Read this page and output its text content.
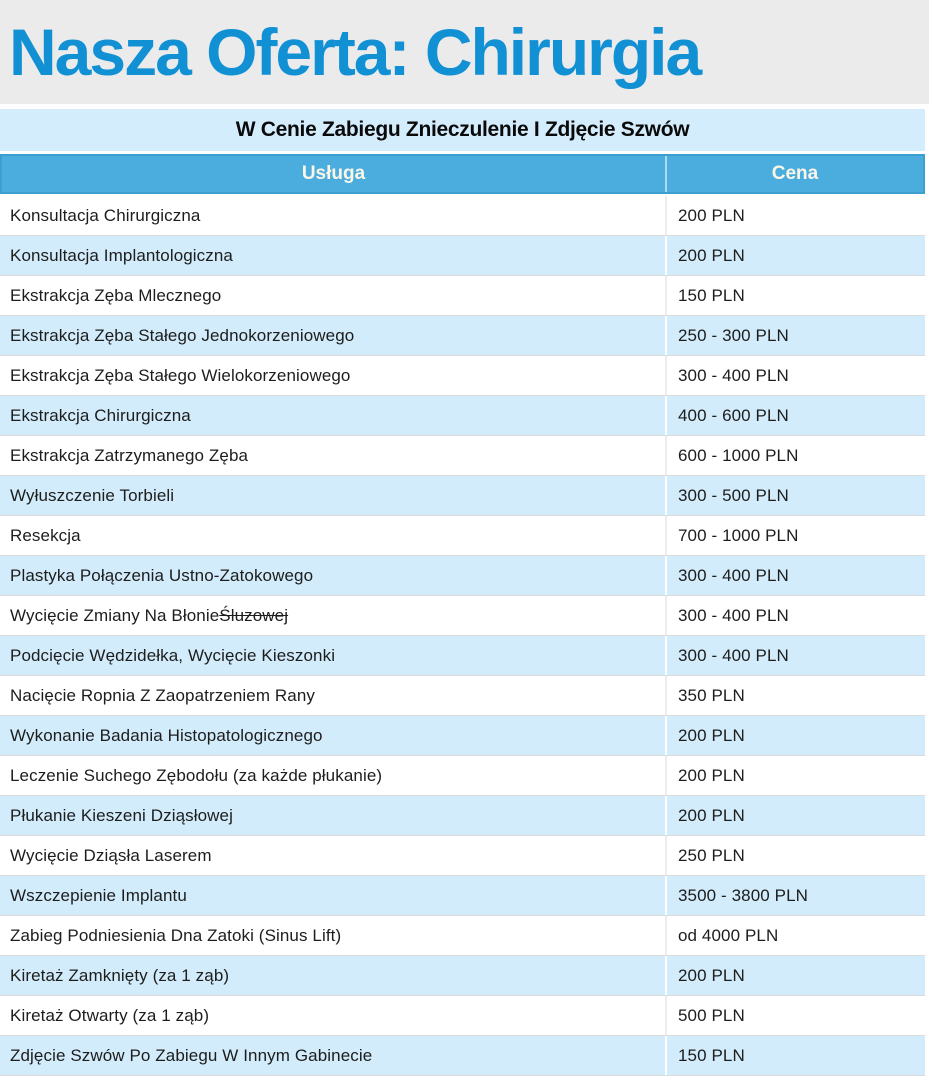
Nasza Oferta: Chirurgia
W Cenie Zabiegu Znieczulenie I Zdjęcie Szwów
Usługa	Cena
Konsultacja Chirurgiczna	200 PLN
Konsultacja Implantologiczna	200 PLN
Ekstrakcja Zęba Mlecznego	150 PLN
Ekstrakcja Zęba Stałego Jednokorzeniowego	250 - 300 PLN
Ekstrakcja Zęba Stałego Wielokorzeniowego	300 - 400 PLN
Ekstrakcja Chirurgiczna	400 - 600 PLN
Ekstrakcja Zatrzymanego Zęba	600 - 1000 PLN
Wyłuszczenie Torbieli	300 - 500 PLN
Resekcja	700 - 1000 PLN
Plastyka Połączenia Ustno-Zatokowego	300 - 400 PLN
Wycięcie Zmiany Na Błonie Śluzowej	300 - 400 PLN
Podcięcie Wędzidełka, Wycięcie Kieszonki	300 - 400 PLN
Nacięcie Ropnia Z Zaopatrzeniem Rany	350 PLN
Wykonanie Badania Histopatologicznego	200 PLN
Leczenie Suchego Zębodołu (za każde płukanie)	200 PLN
Płukanie Kieszeni Dziąsłowej	200 PLN
Wycięcie Dziąsła Laserem	250 PLN
Wszczepienie Implantu	3500 - 3800 PLN
Zabieg Podniesienia Dna Zatoki (Sinus Lift)	od 4000 PLN
Kiretaż Zamknięty (za 1 ząb)	200 PLN
Kiretaż Otwarty (za 1 ząb)	500 PLN
Zdjęcie Szwów Po Zabiegu W Innym Gabinecie	150 PLN
